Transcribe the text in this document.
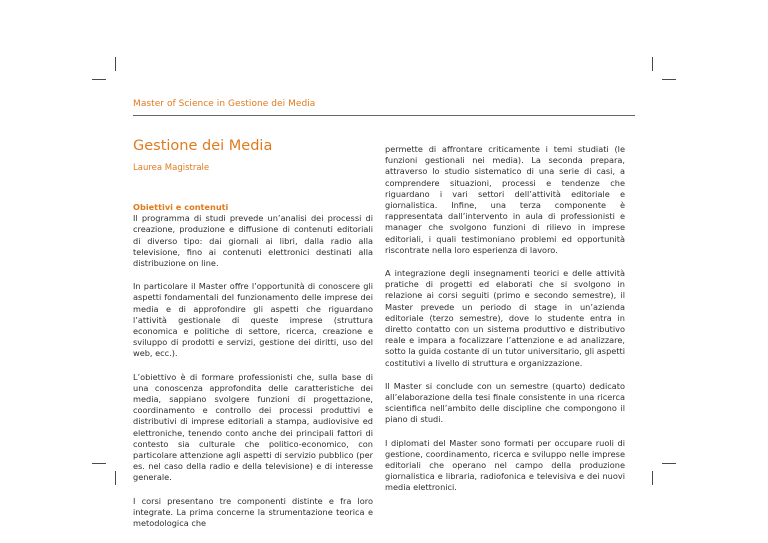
Master of Science in Gestione dei Media
Gestione dei Media
Laurea Magistrale

Obiettivi e contenuti
Il programma di studi prevede un’analisi dei processi di creazione, produzione e diffusione di contenuti editoriali di diverso tipo: dai giornali ai libri, dalla radio alla televisione, fino ai contenuti elettronici destinati alla distribuzione on line.

In particolare il Master offre l’opportunità di conoscere gli aspetti fondamentali del funzionamento delle imprese dei media e di approfondire gli aspetti che riguardano l’attività gestionale di queste imprese (struttura economica e politiche di settore, ricerca, creazione e sviluppo di prodotti e servizi, gestione dei diritti, uso del web, ecc.).

L’obiettivo è di formare professionisti che, sulla base di una conoscenza approfondita delle caratteristiche dei media, sappiano svolgere funzioni di progettazione, coordinamento e controllo dei processi produttivi e distributivi di imprese editoriali a stampa, audiovisive ed elettroniche, tenendo conto anche dei principali fattori di contesto sia culturale che politico-economico, con particolare attenzione agli aspetti di servizio pubblico (per es. nel caso della radio e della televisione) e di interesse generale.

I corsi presentano tre componenti distinte e fra loro integrate. La prima concerne la strumentazione teorica e metodologica che

permette di affrontare criticamente i temi studiati (le funzioni gestionali nei media). La seconda prepara, attraverso lo studio sistematico di una serie di casi, a comprendere situazioni, processi e tendenze che riguardano i vari settori dell’attività editoriale e giornalistica. Infine, una terza componente è rappresentata dall’intervento in aula di professionisti e manager che svolgono funzioni di rilievo in imprese editoriali, i quali testimoniano problemi ed opportunità riscontrate nella loro esperienza di lavoro.

A integrazione degli insegnamenti teorici e delle attività pratiche di progetti ed elaborati che si svolgono in relazione ai corsi seguiti (primo e secondo semestre), il Master prevede un periodo di stage in un’azienda editoriale (terzo semestre), dove lo studente entra in diretto contatto con un sistema produttivo e distributivo reale e impara a focalizzare l’attenzione e ad analizzare, sotto la guida costante di un tutor universitario, gli aspetti costitutivi a livello di struttura e organizzazione.

Il Master si conclude con un semestre (quarto) dedicato all’elaborazione della tesi finale consistente in una ricerca scientifica nell’ambito delle discipline che compongono il piano di studi.

I diplomati del Master sono formati per occupare ruoli di gestione, coordinamento, ricerca e sviluppo nelle imprese editoriali che operano nel campo della produzione giornalistica e libraria, radiofonica e televisiva e dei nuovi media elettronici.
